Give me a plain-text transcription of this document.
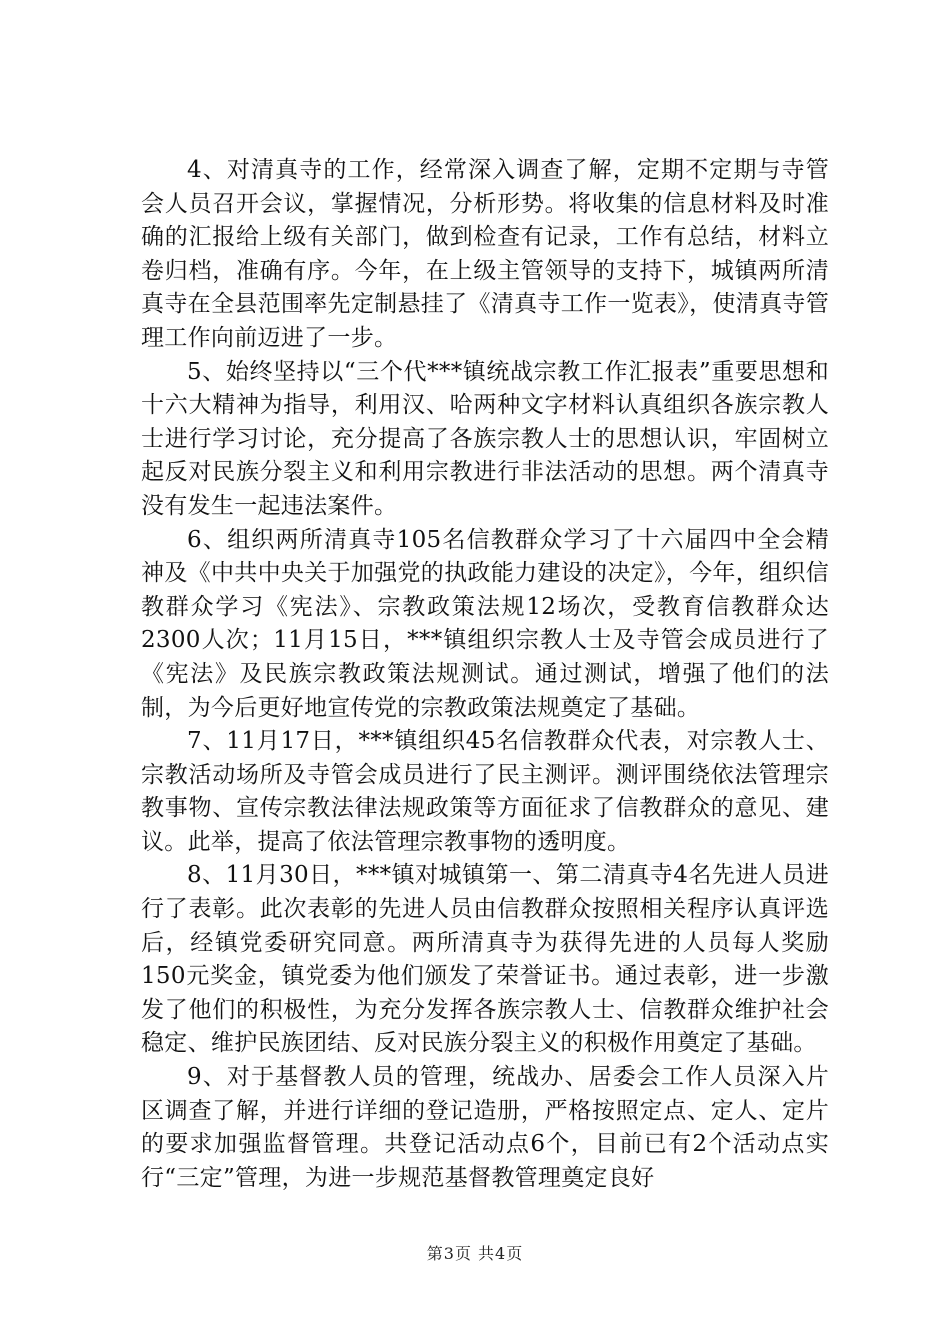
4、对清真寺的工作，经常深入调查了解，定期不定期与寺管会人员召开会议，掌握情况，分析形势。将收集的信息材料及时准确的汇报给上级有关部门，做到检查有记录，工作有总结，材料立卷归档，准确有序。今年，在上级主管领导的支持下，城镇两所清真寺在全县范围率先定制悬挂了《清真寺工作一览表》，使清真寺管理工作向前迈进了一步。

5、始终坚持以“三个代***镇统战宗教工作汇报表”重要思想和十六大精神为指导，利用汉、哈两种文字材料认真组织各族宗教人士进行学习讨论，充分提高了各族宗教人士的思想认识，牢固树立起反对民族分裂主义和利用宗教进行非法活动的思想。两个清真寺没有发生一起违法案件。

6、组织两所清真寺105名信教群众学习了十六届四中全会精神及《中共中央关于加强党的执政能力建设的决定》，今年，组织信教群众学习《宪法》、宗教政策法规12场次，受教育信教群众达2300人次；11月15日，***镇组织宗教人士及寺管会成员进行了《宪法》及民族宗教政策法规测试。通过测试，增强了他们的法制，为今后更好地宣传党的宗教政策法规奠定了基础。

7、11月17日，***镇组织45名信教群众代表，对宗教人士、宗教活动场所及寺管会成员进行了民主测评。测评围绕依法管理宗教事物、宣传宗教法律法规政策等方面征求了信教群众的意见、建议。此举，提高了依法管理宗教事物的透明度。

8、11月30日，***镇对城镇第一、第二清真寺4名先进人员进行了表彰。此次表彰的先进人员由信教群众按照相关程序认真评选后，经镇党委研究同意。两所清真寺为获得先进的人员每人奖励150元奖金，镇党委为他们颁发了荣誉证书。通过表彰，进一步激发了他们的积极性，为充分发挥各族宗教人士、信教群众维护社会稳定、维护民族团结、反对民族分裂主义的积极作用奠定了基础。

9、对于基督教人员的管理，统战办、居委会工作人员深入片区调查了解，并进行详细的登记造册，严格按照定点、定人、定片的要求加强监督管理。共登记活动点6个，目前已有2个活动点实行“三定”管理，为进一步规范基督教管理奠定良好

第3页 共4页
